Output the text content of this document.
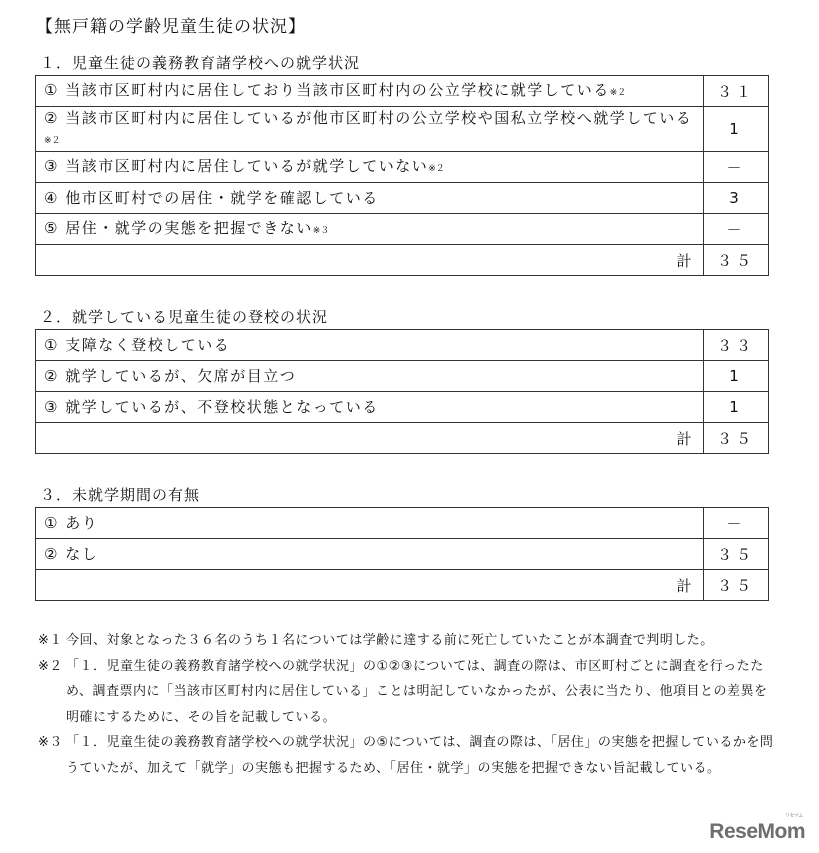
【無戸籍の学齢児童生徒の状況】
１．児童生徒の義務教育諸学校への就学状況
① 当該市区町村内に居住しており当該市区町村内の公立学校に就学している※２	３１
② 当該市区町村内に居住しているが他市区町村の公立学校や国私立学校へ就学している※２	1
③ 当該市区町村内に居住しているが就学していない※２	－
④ 他市区町村での居住・就学を確認している	3
⑤ 居住・就学の実態を把握できない※３	－
計	３５
２．就学している児童生徒の登校の状況
① 支障なく登校している	３３
② 就学しているが、欠席が目立つ	1
③ 就学しているが、不登校状態となっている	1
計	３５
３．未就学期間の有無
① あり	－
② なし	３５
計	３５
※１ 今回、対象となった３６名のうち１名については学齢に達する前に死亡していたことが本調査で判明した。
※２ 「１．児童生徒の義務教育諸学校への就学状況」の①②③については、調査の際は、市区町村ごとに調査を行ったため、調査票内に「当該市区町村内に居住している」ことは明記していなかったが、公表に当たり、他項目との差異を明確にするために、その旨を記載している。
※３ 「１．児童生徒の義務教育諸学校への就学状況」の⑤については、調査の際は、「居住」の実態を把握しているかを問うていたが、加えて「就学」の実態も把握するため、「居住・就学」の実態を把握できない旨記載している。
リセマム
ReseMom
